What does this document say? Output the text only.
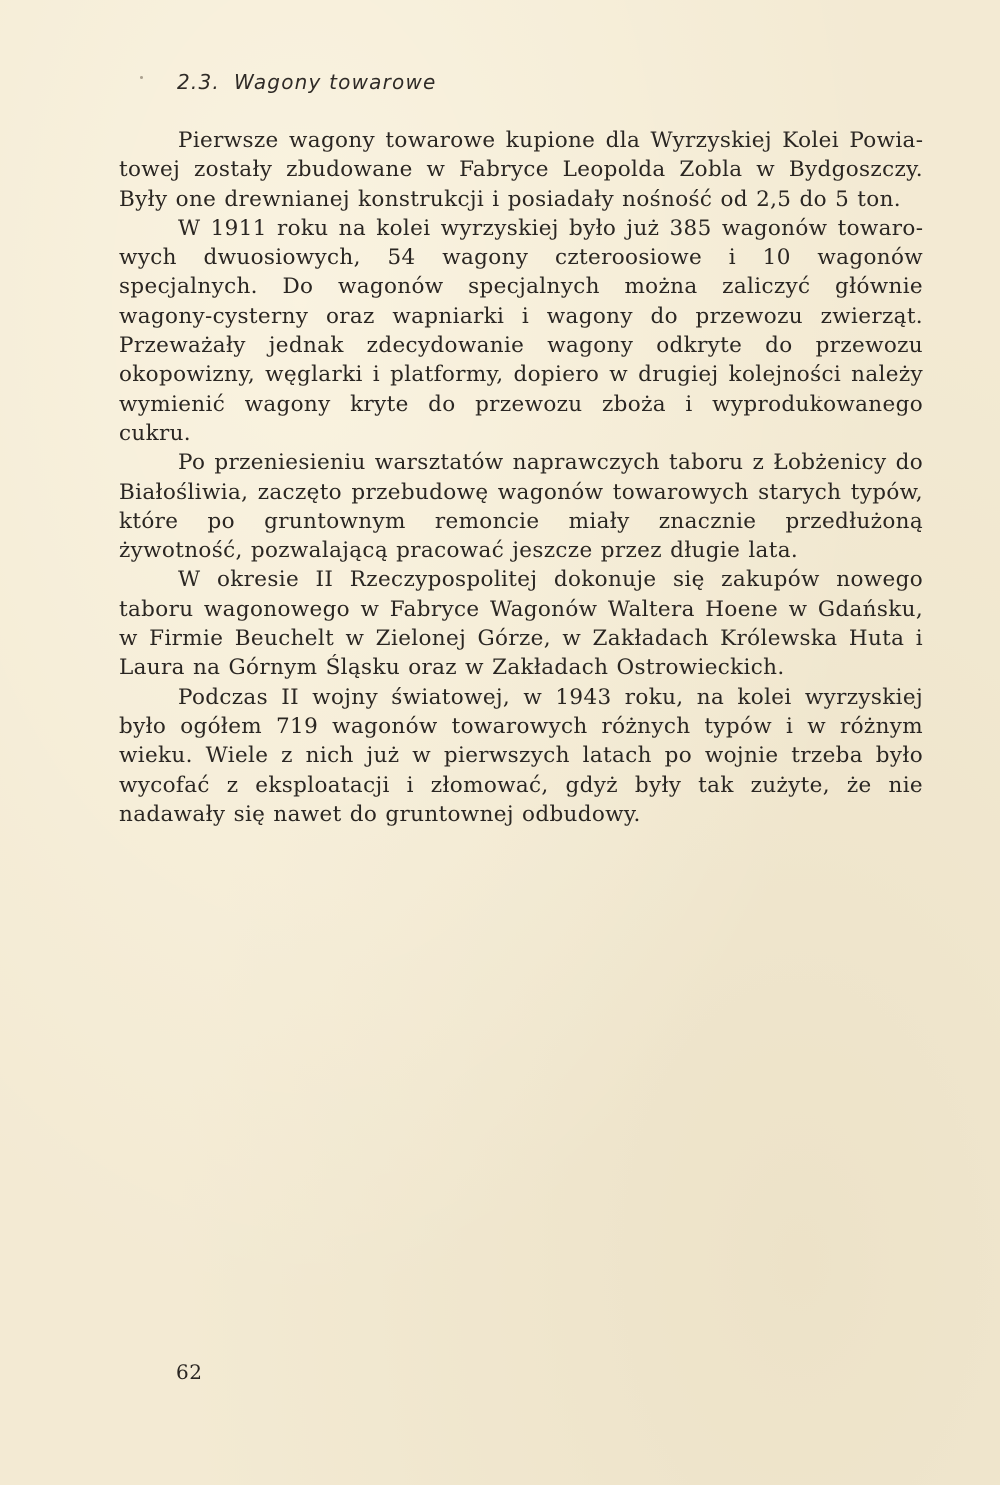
2.3. Wagony towarowe

Pierwsze wagony towarowe kupione dla Wyrzyskiej Kolei Powiatowej zostały zbudowane w Fabryce Leopolda Zobla w Bydgoszczy. Były one drewnianej konstrukcji i posiadały nośność od 2,5 do 5 ton.

W 1911 roku na kolei wyrzyskiej było już 385 wagonów towarowych dwuosiowych, 54 wagony czteroosiowe i 10 wagonów specjalnych. Do wagonów specjalnych można zaliczyć głównie wagony-cysterny oraz wapniarki i wagony do przewozu zwierząt. Przeważały jednak zdecydowanie wagony odkryte do przewozu okopowizny, węglarki i platformy, dopiero w drugiej kolejności należy wymienić wagony kryte do przewozu zboża i wyprodukowanego cukru.

Po przeniesieniu warsztatów naprawczych taboru z Łobżenicy do Białośliwia, zaczęto przebudowę wagonów towarowych starych typów, które po gruntownym remoncie miały znacznie przedłużoną żywotność, pozwalającą pracować jeszcze przez długie lata.

W okresie II Rzeczypospolitej dokonuje się zakupów nowego taboru wagonowego w Fabryce Wagonów Waltera Hoene w Gdańsku, w Firmie Beuchelt w Zielonej Górze, w Zakładach Królewska Huta i Laura na Górnym Śląsku oraz w Zakładach Ostrowieckich.

Podczas II wojny światowej, w 1943 roku, na kolei wyrzyskiej było ogółem 719 wagonów towarowych różnych typów i w różnym wieku. Wiele z nich już w pierwszych latach po wojnie trzeba było wycofać z eksploatacji i złomować, gdyż były tak zużyte, że nie nadawały się nawet do gruntownej odbudowy.

62
